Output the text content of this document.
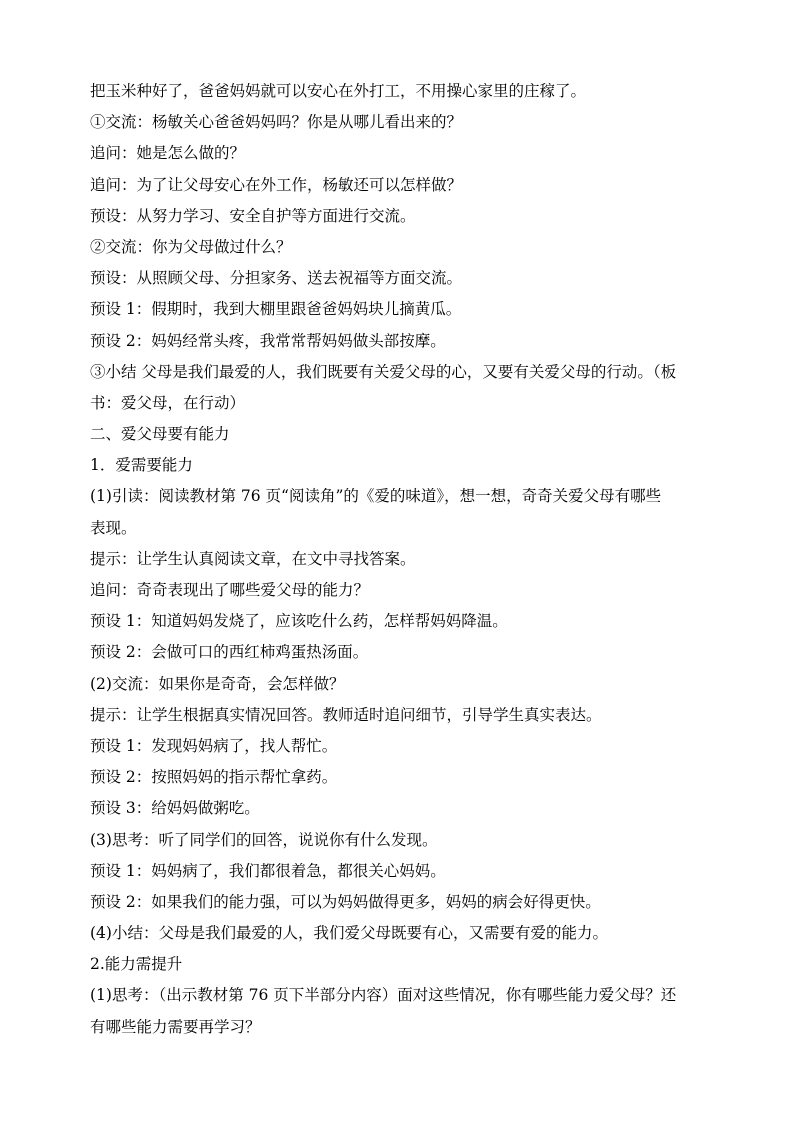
把玉米种好了，爸爸妈妈就可以安心在外打工，不用操心家里的庄稼了。
①交流：杨敏关心爸爸妈妈吗？你是从哪儿看出来的？
追问：她是怎么做的？
追问：为了让父母安心在外工作，杨敏还可以怎样做？
预设：从努力学习、安全自护等方面进行交流。
②交流：你为父母做过什么？
预设：从照顾父母、分担家务、送去祝福等方面交流。
预设 1：假期时，我到大棚里跟爸爸妈妈块儿摘黄瓜。
预设 2：妈妈经常头疼，我常常帮妈妈做头部按摩。
③小结 父母是我们最爱的人，我们既要有关爱父母的心，又要有关爱父母的行动。（板
书：爱父母，在行动）
二、爱父母要有能力
1．爱需要能力
(1)引读：阅读教材第 76 页“阅读角”的《爱的味道》，想一想，奇奇关爱父母有哪些
表现。
提示：让学生认真阅读文章，在文中寻找答案。
追问：奇奇表现出了哪些爱父母的能力？
预设 1：知道妈妈发烧了，应该吃什么药，怎样帮妈妈降温。
预设 2：会做可口的西红柿鸡蛋热汤面。
(2)交流：如果你是奇奇，会怎样做？
提示：让学生根据真实情况回答。教师适时追问细节，引导学生真实表达。
预设 1：发现妈妈病了，找人帮忙。
预设 2：按照妈妈的指示帮忙拿药。
预设 3：给妈妈做粥吃。
(3)思考：听了同学们的回答，说说你有什么发现。
预设 1：妈妈病了，我们都很着急，都很关心妈妈。
预设 2：如果我们的能力强，可以为妈妈做得更多，妈妈的病会好得更快。
(4)小结：父母是我们最爱的人，我们爱父母既要有心，又需要有爱的能力。
2.能力需提升
(1)思考：（出示教材第 76 页下半部分内容）面对这些情况，你有哪些能力爱父母？还
有哪些能力需要再学习？
